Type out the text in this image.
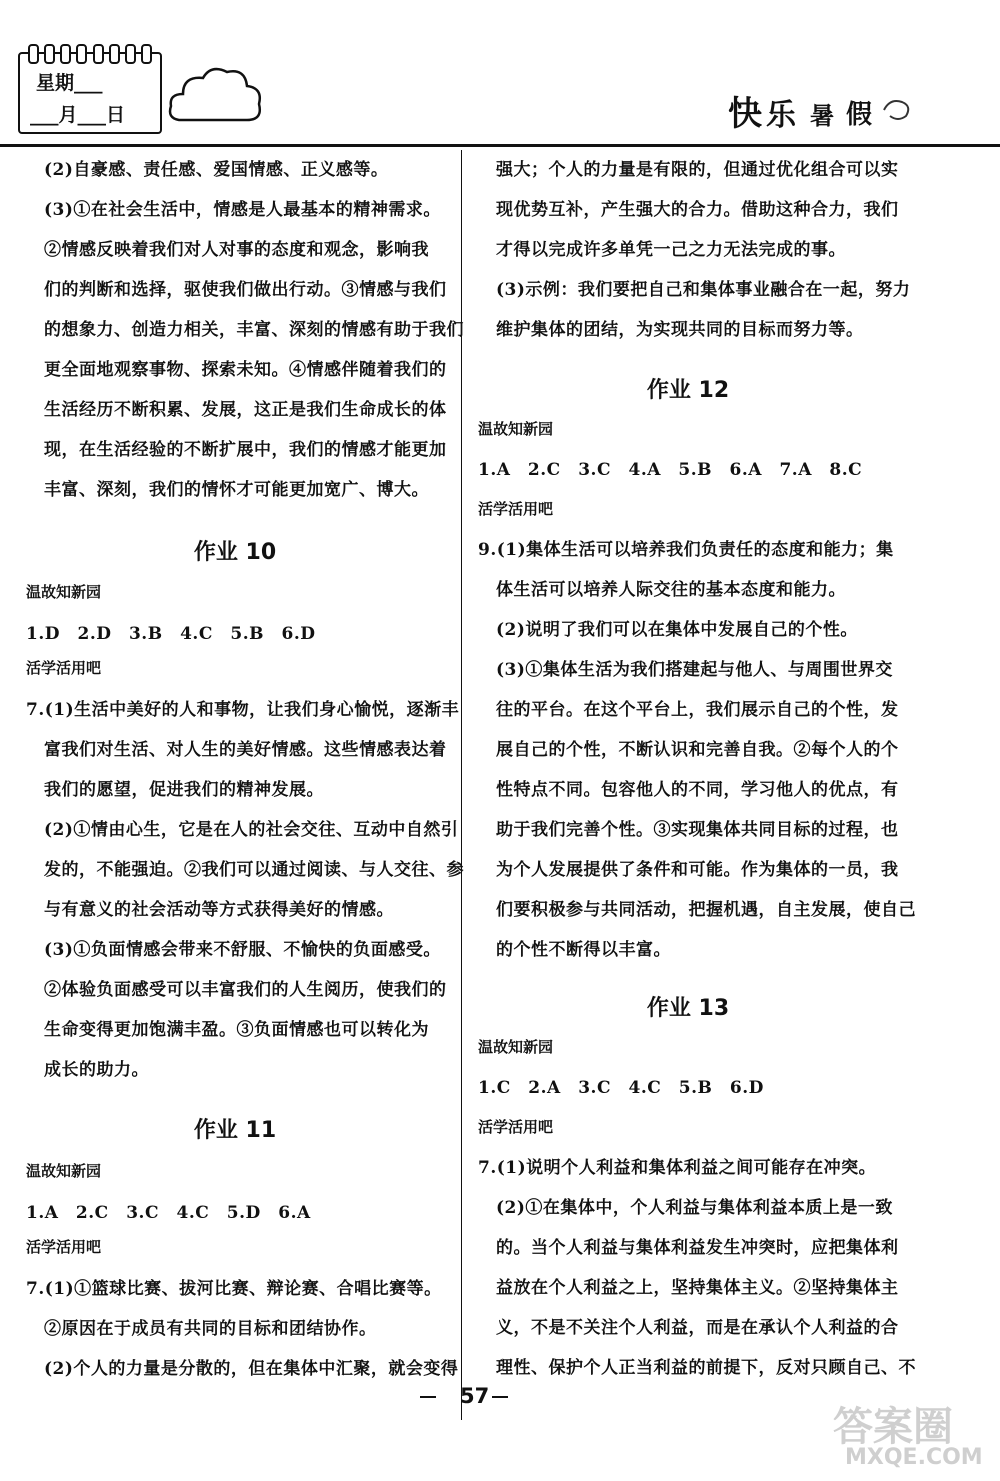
星期___
___月___日	快 乐 暑 假
(2)自豪感、责任感、爱国情感、正义感等。
(3)①在社会生活中，情感是人最基本的精神需求。
②情感反映着我们对人对事的态度和观念，影响我
们的判断和选择，驱使我们做出行动。③情感与我们
的想象力、创造力相关，丰富、深刻的情感有助于我们
更全面地观察事物、探索未知。④情感伴随着我们的
生活经历不断积累、发展，这正是我们生命成长的体
现，在生活经验的不断扩展中，我们的情感才能更加
丰富、深刻，我们的情怀才可能更加宽广、博大。
作业 10
温故知新园
1.D　2.D　3.B　4.C　5.B　6.D
活学活用吧
7.(1)生活中美好的人和事物，让我们身心愉悦，逐渐丰
富我们对生活、对人生的美好情感。这些情感表达着
我们的愿望，促进我们的精神发展。
(2)①情由心生，它是在人的社会交往、互动中自然引
发的，不能强迫。②我们可以通过阅读、与人交往、参
与有意义的社会活动等方式获得美好的情感。
(3)①负面情感会带来不舒服、不愉快的负面感受。
②体验负面感受可以丰富我们的人生阅历，使我们的
生命变得更加饱满丰盈。③负面情感也可以转化为
成长的助力。
作业 11
温故知新园
1.A　2.C　3.C　4.C　5.D　6.A
活学活用吧
7.(1)①篮球比赛、拔河比赛、辩论赛、合唱比赛等。
②原因在于成员有共同的目标和团结协作。
(2)个人的力量是分散的，但在集体中汇聚，就会变得
强大；个人的力量是有限的，但通过优化组合可以实
现优势互补，产生强大的合力。借助这种合力，我们
才得以完成许多单凭一己之力无法完成的事。
(3)示例：我们要把自己和集体事业融合在一起，努力
维护集体的团结，为实现共同的目标而努力等。
作业 12
温故知新园
1.A　2.C　3.C　4.A　5.B　6.A　7.A　8.C
活学活用吧
9.(1)集体生活可以培养我们负责任的态度和能力；集
体生活可以培养人际交往的基本态度和能力。
(2)说明了我们可以在集体中发展自己的个性。
(3)①集体生活为我们搭建起与他人、与周围世界交
往的平台。在这个平台上，我们展示自己的个性，发
展自己的个性，不断认识和完善自我。②每个人的个
性特点不同。包容他人的不同，学习他人的优点，有
助于我们完善个性。③实现集体共同目标的过程，也
为个人发展提供了条件和可能。作为集体的一员，我
们要积极参与共同活动，把握机遇，自主发展，使自己
的个性不断得以丰富。
作业 13
温故知新园
1.C　2.A　3.C　4.C　5.B　6.D
活学活用吧
7.(1)说明个人利益和集体利益之间可能存在冲突。
(2)①在集体中，个人利益与集体利益本质上是一致
的。当个人利益与集体利益发生冲突时，应把集体利
益放在个人利益之上，坚持集体主义。②坚持集体主
义，不是不关注个人利益，而是在承认个人利益的合
理性、保护个人正当利益的前提下，反对只顾自己、不
57
答案圈
MXQE.COM
